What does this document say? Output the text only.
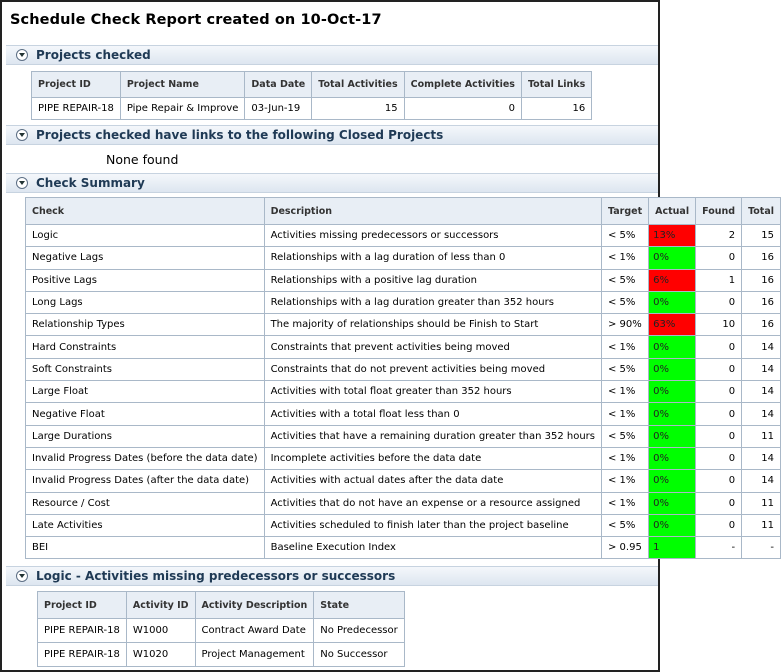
Schedule Check Report created on 10-Oct-17
Projects checked
Project ID	Project Name	Data Date	Total Activities	Complete Activities	Total Links
PIPE REPAIR-18	Pipe Repair & Improve	03-Jun-19	15	0	16
Projects checked have links to the following Closed Projects
None found
Check Summary
Check	Description	Target	Actual	Found	Total
Logic	Activities missing predecessors or successors	< 5%	13%	2	15
Negative Lags	Relationships with a lag duration of less than 0	< 1%	0%	0	16
Positive Lags	Relationships with a positive lag duration	< 5%	6%	1	16
Long Lags	Relationships with a lag duration greater than 352 hours	< 5%	0%	0	16
Relationship Types	The majority of relationships should be Finish to Start	> 90%	63%	10	16
Hard Constraints	Constraints that prevent activities being moved	< 1%	0%	0	14
Soft Constraints	Constraints that do not prevent activities being moved	< 5%	0%	0	14
Large Float	Activities with total float greater than 352 hours	< 1%	0%	0	14
Negative Float	Activities with a total float less than 0	< 1%	0%	0	14
Large Durations	Activities that have a remaining duration greater than 352 hours	< 5%	0%	0	11
Invalid Progress Dates (before the data date)	Incomplete activities before the data date	< 1%	0%	0	14
Invalid Progress Dates (after the data date)	Activities with actual dates after the data date	< 1%	0%	0	14
Resource / Cost	Activities that do not have an expense or a resource assigned	< 1%	0%	0	11
Late Activities	Activities scheduled to finish later than the project baseline	< 5%	0%	0	11
BEI	Baseline Execution Index	> 0.95	1	-	-
Logic - Activities missing predecessors or successors
Project ID	Activity ID	Activity Description	State
PIPE REPAIR-18	W1000	Contract Award Date	No Predecessor
PIPE REPAIR-18	W1020	Project Management	No Successor
